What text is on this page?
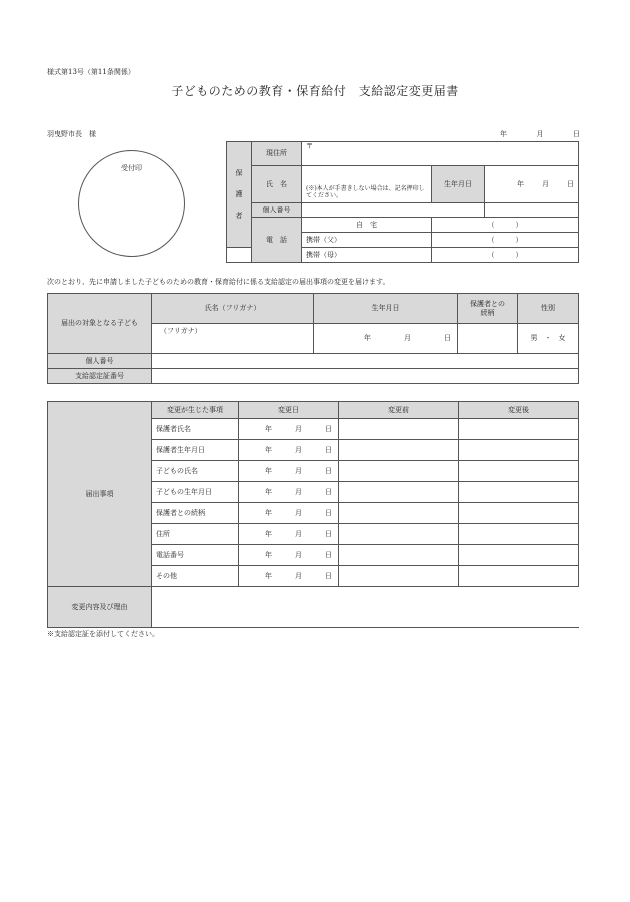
様式第13号（第11条関係）
子どものための教育・保育給付　支給認定変更届書
羽曳野市長　様	年	月	日
受付印
保
護
者	現住所	〒		
	氏　名	(※)本人が手書きしない場合は、記名押印してください。	生年月日	年 月 日

	個人番号		

	電　話	自　宅	（　　　）	
		携帯（父）	（　　　）	
		携帯（母）	（　　　）	
次のとおり、先に申請しました子どものための教育・保育給付に係る支給認定の届出事項の変更を届けます。
届出の対象となる子ども	氏名（フリガナ）	生年月日	保護者との続柄	性別

	（フリガナ）	年 月 日		男　・　女
個人番号				

支給認定証番号				
届出事項	変更が生じた事項	変更日	変更前	変更後
	保護者氏名	年 月 日		

	保護者生年月日	年 月 日		

	子どもの氏名	年 月 日		

	子どもの生年月日	年 月 日		

	保護者との続柄	年 月 日		

	住所	年 月 日		

	電話番号	年 月 日		

	その他	年 月 日		

変更内容及び理由				
※支給認定証を添付してください。
